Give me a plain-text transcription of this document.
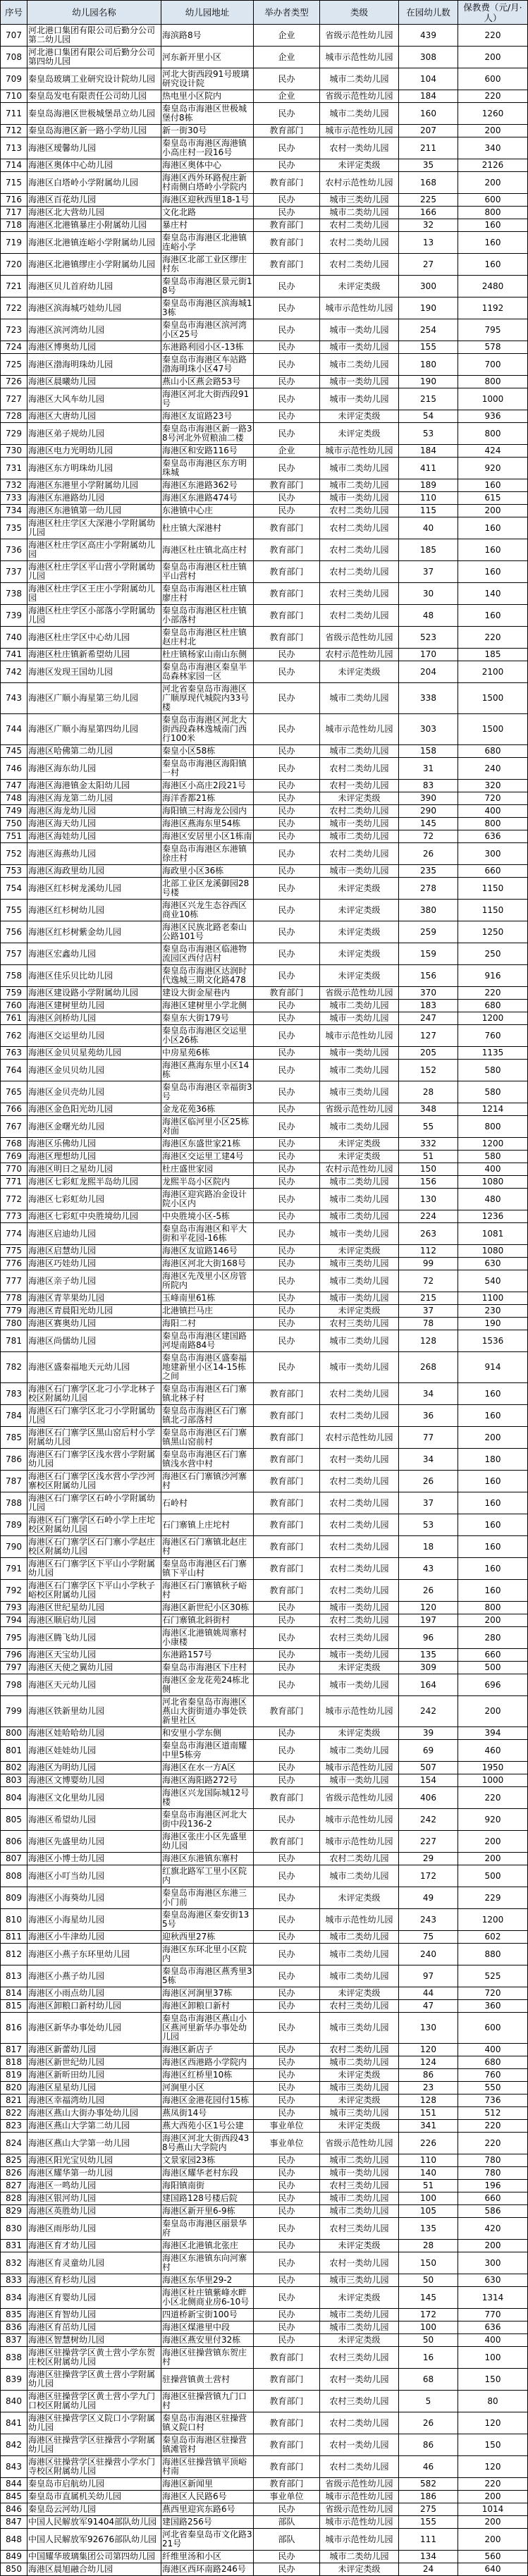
序号	幼儿园名称	幼儿园地址	举办者类型	类级	在园幼儿数	保教费（元/月·人）
707	河北港口集团有限公司后勤分公司第二幼儿园	海滨路8号	企业	省级示范性幼儿园	439	220
708	河北港口集团有限公司后勤分公司第四幼儿园	河东新开里小区	企业	城市示范性幼儿园	308	200
709	秦皇岛玻璃工业研究设计院幼儿园	河北大街西段91号玻璃研究设计院	民办	城市二类幼儿园	104	600
710	秦皇岛发电有限责任公司幼儿园	热电里小区院内	企业	省级示范性幼儿园	184	220
711	秦皇岛海港区世极城堡昂立幼儿园	秦皇岛市海港区世极城堡付8栋	民办	城市二类幼儿园	160	1260
712	秦皇岛海港区新一路小学幼儿园	新一街30号	教育部门	城市示范性幼儿园	207	200
713	海港区瑷馨幼儿园	秦皇岛市海港区海港镇小高庄村一段16号	民办	农村一类幼儿园	211	340
714	海港区奥体中心幼儿园	海港区奥体中心	民办	未评定类级	35	2126
715	海港区白塔岭小学附属幼儿园	海港区西外环路倪庄新村南侧白塔岭小学院内	教育部门	农村示范性幼儿园	168	200
716	海港区百花幼儿园	海港区迎秋西里18-1号	民办	城市三类幼儿园	225	600
717	海港区北大营幼儿园	文化北路	民办	城市二类幼儿园	166	800
718	海港区北港镇暴庄小附属幼儿园	暴庄村	教育部门	农村二类幼儿园	32	160
719	海港区北港镇连峪小学附属幼儿园	秦皇岛市海港区北港镇连峪小学	教育部门	农村二类幼儿园	13	160
720	海港区北港镇缪庄小学附属幼儿园	海港区北部工业区缪庄村东	教育部门	农村二类幼儿园	27	160
721	海港区贝儿首府幼儿园	秦皇岛市海港区景元街18号	民办	未评定类级	300	2480
722	海港区滨海城巧娃幼儿园	秦皇岛市海港区滨海城13栋	民办	城市示范性幼儿园	190	1192
723	海港区滨河湾幼儿园	秦皇岛市海港区滨河湾小区25号	民办	城市一类幼儿园	254	795
724	海港区博奥幼儿园	东港路利园小区-13栋	民办	城市一类幼儿园	155	578
725	海港区渤海明珠幼儿园	秦皇岛市海港区车站路渤海明珠小区47号	民办	城市二类幼儿园	180	700
726	海港区晨曦幼儿园	燕山小区燕会路53号	民办	城市一类幼儿园	190	800
727	海港区大风车幼儿园	海港区河北大街西段91号	民办	城市一类幼儿园	215	1000
728	海港区大唐幼儿园	海港区友谊路23号	民办	未评定类级	54	936
729	海港区弟子规幼儿园	秦皇岛市海港区新一路38号河北外贸粮油二楼	民办	未评定类级	53	800
730	海港区电力光明幼儿园	海港区和安路116号	企业	城市示范性幼儿园	184	424
731	海港区东方明珠幼儿园	秦皇岛市海港区东方明珠城	民办	城市二类幼儿园	411	920
732	海港区东港里小学附属幼儿园	海港区东港路362号	教育部门	城市二类幼儿园	189	160
733	海港区东港路幼儿园	海港区东港路474号	民办	城市一类幼儿园	110	615
734	海港区东港镇第一幼儿园	东港镇中心庄	民办	农村二类幼儿园	115	200
735	海港区杜庄学区大深港小学附属幼儿园	杜庄镇大深港村	教育部门	农村二类幼儿园	40	160
736	海港区杜庄学区高庄小学附属幼儿园	海港区杜庄镇北高庄村	教育部门	农村二类幼儿园	185	160
737	海港区杜庄学区平山营小学附属幼儿园	秦皇岛市海港区杜庄镇平山营村	教育部门	农村二类幼儿园	37	160
738	海港区杜庄学区王庄小学附属幼儿园	秦皇岛市海港区杜庄镇廖庄村	教育部门	农村三类幼儿园	30	140
739	海港区杜庄学区小部落小学附属幼儿园	秦皇岛市海港区杜庄镇小部落村	教育部门	农村二类幼儿园	48	160
740	海港区杜庄学区中心幼儿园	秦皇岛市海港区杜庄镇赵庄村北	教育部门	省级示范性幼儿园	523	220
741	海港区杜庄镇新希望幼儿园	杜庄镇杨家山南山东侧	民办	农村示范性幼儿园	170	185
742	海港区发现王国幼儿园	秦皇岛市海港区秦皇半岛森林家园一区	民办	未评定类级	204	2100
743	海港区广顺小海星第三幼儿园	河北省秦皇岛市海港区广顺厚现代城院内33号楼	民办	城市二类幼儿园	338	1500
744	海港区广顺小海星第四幼儿园	秦皇岛市海港区河北大街西段森林逸城南门西行100米	民办	城市示范性幼儿园	303	1500
745	海港区哈佛第二幼儿园	秦皇小区58栋	民办	城市二类幼儿园	158	680
746	海港区海东幼儿园	秦皇岛市海港区海阳镇一村	民办	农村二类幼儿园	31	240
747	海港区海港镇金太阳幼儿园	海港区小高庄2段21号	民办	农村一类幼儿园	83	320
748	海港区海龙第二幼儿园	海洋香都21栋	民办	未评定类级	390	720
749	海港区海龙幼儿园	海阳镇三村海龙公园内	民办	农村二类幼儿园	290	400
750	海港区海天幼儿园	海港区燕海东里54栋	民办	城市一类幼儿园	145	800
751	海港区海娃幼儿园	海港区安居里小区1栋南	民办	城市二类幼儿园	72	636
752	海港区海燕幼儿园	秦皇岛市海港区东港镇徐庄村	民办	农村二类幼儿园	26	300
753	海港区海政里幼儿园	海政里小区36栋	民办	城市一类幼儿园	235	660
754	海港区红杉树龙溪幼儿园	北部工业区龙溪御园28号楼	民办	未评定类级	278	1150
755	海港区红杉树幼儿园	海港区兴龙生态谷西区商业10栋	民办	未评定类级	380	1150
756	海港区红杉树紫金幼儿园	海港区民族北路老秦山公路101号	民办	未评定类级	259	1250
757	海港区宏鑫幼儿园	秦皇岛市海港区临港物流园区西付店村	民办	未评定类级	159	250
758	海港区佳乐贝比幼儿园	秦皇岛市海港区达润时代逸城三期文化路478	民办	未评定类级	156	916
759	海港区建设路小学附属幼儿园	建设大街金屋巷内	教育部门	省级示范性幼儿园	370	220
760	海港区建树里幼儿园	海港区建树里小学北侧	民办	城市二类幼儿园	183	680
761	海港区剑桥幼儿园	秦皇东大街179号	民办	城市一类幼儿园	247	1200
762	海港区交运里幼儿园	秦皇岛市海港区交运里小区26栋	民办	城市示范性幼儿园	127	760
763	海港区金贝贝星苑幼儿园	中房星苑6栋	民办	城市一类幼儿园	205	1135
764	海港区金贝贝幼儿园	海港区燕海东里小区14栋	民办	城市二类幼儿园	152	580
765	海港区金贝壳幼儿园	秦皇岛市海港区幸福街3号	民办	城市三类幼儿园	28	580
766	海港区金色阳光幼儿园	金龙花苑36栋	民办	省级示范性幼儿园	348	1214
767	海港区金曙光幼儿园	海港区临河里小区25栋对面	民办	城市二类幼儿园	55	800
768	海港区乐佛幼儿园	海港区东盛世家21栋	民办	未评定类级	332	1200
769	海港区理想幼儿园	海港区交运里工建4号	民办	未评定类级	51	580
770	海港区明日之星幼儿园	杜庄盛世家园	民办	农村示范性幼儿园	150	400
771	海港区七彩虹龙熙半岛幼儿园	龙熙半岛小区院内	民办	城市二类幼儿园	156	1080
772	海港区七彩虹幼儿园	海港区迎宾路冶金设计院小区内	民办	城市二类幼儿园	130	480
773	海港区七彩虹中央胜境幼儿园	中央胜境小区-5栋	民办	城市二类幼儿园	224	1236
774	海港区启迪幼儿园	秦皇岛市海港区和平大街和平花园-16栋	民办	城市一类幼儿园	263	1081
775	海港区启慧幼儿园	海港区友谊路146号	民办	未评定类级	112	1080
776	海港区巧娃幼儿园	海港区河北大街168号	民办	城市三类幼儿园	99	630
777	海港区亲子幼儿园	海港区先茂里小区房管所院内	民办	城市二类幼儿园	72	540
778	海港区青苹果幼儿园	玉峰南里61栋	民办	城市一类幼儿园	215	1100
779	海港区青晨阳光幼儿园	北港镇拦马庄	民办	未评定类级	37	230
780	海港区赛奥幼儿园	海阳二村	民办	农村三类幼儿园	78	190
781	海港区尚儒幼儿园	秦皇岛市海港区建国路河堤南路84号	民办	城市二类幼儿园	128	1536
782	海港区盛秦福地天元幼儿园	秦皇岛市海港区盛秦福地建新里小区14-15栋之间	民办	城市一类幼儿园	268	914
783	海港区石门寨学区北刁小学北林子校区附属幼儿园	秦皇岛市海港区石门寨镇北林子村	教育部门	农村二类幼儿园	34	160
784	海港区石门寨学区北刁小学附属幼儿园	秦皇岛市海港区石门寨镇北刁部落村	教育部门	农村二类幼儿园	36	160
785	海港区石门寨学区黑山窑后村小学附属幼儿园	秦皇岛市海港区石门寨镇黑山窑前村	教育部门	农村示范性幼儿园	77	200
786	海港区石门寨学区浅水营小学附属幼儿园	秦皇岛市海港区石门寨镇浅水营中村	教育部门	农村一类幼儿园	34	180
787	海港区石门寨学区浅水营小学沙河寨校区附属幼儿园	海港区石门寨镇沙河寨村	教育部门	农村二类幼儿园	26	160
788	海港区石门寨学区石岭小学附属幼儿园	石岭村	教育部门	农村二类幼儿园	37	160
789	海港区石门寨学区石岭小学上庄坨校区附属幼儿园	石门寨镇上庄坨村	教育部门	农村二类幼儿园	53	160
790	海港区石门寨学区石门寨小学赵庄校区附属幼儿园	海港区石门寨镇北赵庄村	教育部门	农村二类幼儿园	18	160
791	海港区石门寨学区下平山小学附属幼儿园	秦皇岛市海港区石门寨镇下平山村	教育部门	农村二类幼儿园	43	160
792	海港区石门寨学区下平山小学秋子峪校区附属幼儿园	海港区石门寨镇秋子峪村	教育部门	农村二类幼儿园	26	160
793	海港区世纪星幼儿园	海港区新世纪小区30栋	民办	城市一类幼儿园	120	800
794	海港区顺启幼儿园	石门寨镇北斜街村	民办	农村二类幼儿园	197	200
795	海港区腾飞幼儿园	海港区北港镇姚周寨村小康楼	民办	农村三类幼儿园	96	280
796	海港区天宝幼儿园	东港路157号	民办	城市一类幼儿园	135	660
797	海港区天使之翼幼儿园	秦皇岛市海港区下庄村	民办	未评定类级	309	500
798	海港区天元幼儿园	海港区金龙花苑24栋北侧	民办	城市一类幼儿园	164	696
799	海港区铁新里幼儿园	河北省秦皇岛市海港区燕山大街街道办事处铁新里社区	教育部门	城市示范性幼儿园	242	200
800	海港区娃哈哈幼儿园	和安里小学东侧	民办	未评定类级	39	394
801	海港区娃娃幼儿园	秦皇岛市海港区道南耀中里5栋旁	民办	城市二类幼儿园	69	460
802	海港区为明幼儿园	海港区在水一方A区	民办	城市示范性幼儿园	507	1950
803	海港区文博婴幼儿园	海港区海阳路272号	民办	城市一类幼儿园	154	1000
804	海港区文化里幼儿园	海港区兴龙国际城12号楼	教育部门	省级示范性幼儿园	406	220
805	海港区希望幼儿园	秦皇岛市海港区河北大街中段136-2	民办	城市示范性幼儿园	242	920
806	海港区先盛里幼儿园	海港区张庄小区先盛里幼儿园	教育部门	城市示范性幼儿园	227	200
807	海港区小博士幼儿园	海港区东港镇东寨村	民办	农村二类幼儿园	29	200
808	海港区小叮当幼儿园	红旗北路军工里小区院内	民办	城市二类幼儿园	172	500
809	海港区小海葵幼儿园	秦皇岛市海港区东港三小门前	民办	未评定类级	49	229
810	海港区小海星幼儿园	秦皇岛海港区秦安街135号	民办	城市示范性幼儿园	243	1200
811	海港区小牛津幼儿园	迎秋西里27栋	民办	城市二类幼儿园	75	602
812	海港区小燕子东环里幼儿园	海港区东环北里小区院内	民办	城市二类幼儿园	240	880
813	海港区小燕子幼儿园	秦皇岛市海港区燕秀里35栋	民办	城市二类幼儿园	97	525
814	海港区小雨点幼儿园	海港区河涧里37栋	民办	未评定类级	44	720
815	海港区卸粮口新村幼儿园	海港区卸粮口新村	民办	农村三类幼儿园	47	360
816	海港区新华办事处幼儿园	秦皇岛市海港区燕山小区燕河里新华办事处幼儿园	民办	城市三类幼儿园	130	600
817	海港区新蕾幼儿园	海港区新店子	民办	农村二类幼儿园	120	400
818	海港区新世纪幼儿园	海港区西港路小学院内	民办	城市二类幼儿园	124	680
819	海港区新昕田幼儿园	海港区红桥里10栋	民办	未评定类级	86	760
820	海港区星星幼儿园	河涧里小区	民办	城市三类幼儿园	23	550
821	海港区幸福湾幼儿园	海港区金港花园付15栋	民办	未评定类级	128	736
822	海港区燕山大街办事处幼儿园	燕凤街14号	民办	城市三类幼儿园	151	512
823	海港区燕山大学第二幼儿园	燕大西苑小区1号公建	事业单位	未评定类级	341	220
824	海港区燕山大学第一幼儿园	海港区河北大街西段438号燕山大学院内	事业单位	省级示范性幼儿园	226	220
825	海港区阳光宝贝幼儿园	文景家园23栋	民办	城市二类幼儿园	110	780
826	海港区耀华第一幼儿园	海港区耀华老村东段	民办	城市一类幼儿园	140	780
827	海港区一鸣幼儿园	海阳镇南街	民办	农村三类幼儿园	51	196
828	海港区银河幼儿园	建国路128号楼后院	民办	城市二类幼儿园	100	660
829	海港区英胜幼儿园	海港区新开里6-9栋	民办	城市二类幼儿园	105	586
830	海港区雨彤幼儿园	秦皇岛市海港区丽景华府	民办	农村三类幼儿园	135	420
831	海港区育才幼儿园	海港区北港镇北张庄	民办	未评定类级	28	200
832	海港区育灵童幼儿园	海港区东港镇东向河寨村	民办	农村一类幼儿园	150	300
833	海港区育杉幼儿园	海港区东华里29-2	民办	城市三类幼儿园	50	630
834	海港区育婴幼儿园	海港区杜庄镇紫峰水畔小区北侧商业房6-10号	民办	未评定类级	145	1314
835	海港区育智幼儿园	四道桥新宝街100号	民办	城市二类幼儿园	172	770
836	海港区育茁幼儿园	海港区煤港里中段	民办	城市二类幼儿园	100	636
837	海港区智慧树幼儿园	海港区燕安里付32栋	民办	未评定类级	50	400
838	海港区驻操营学区黄土营小学东贺庄校区附属幼儿园	海港区驻操营镇东贺庄村	教育部门	农村三类幼儿园	16	100
839	海港区驻操营学区黄土营小学附属幼儿园	驻操营镇黄土营村	教育部门	农村一类幼儿园	68	150
840	海港区驻操营学区黄土营小学九门口校区附属幼儿园	海港区驻操营镇九门口村	教育部门	农村三类幼儿园	5	80
841	海港区驻操营学区义院口小学附属幼儿园	秦皇岛市海港区驻操营镇义院口村	教育部门	农村二类幼儿园	26	120
842	海港区驻操营学区驻操营小学附属幼儿园	秦皇岛市海港区驻操营镇滩管村	教育部门	农村一类幼儿园	86	150
843	海港区驻操营学区驻操营小学水门寺校区附属幼儿园	海港区驻操营镇平顶峪村南	教育部门	农村二类幼儿园	46	120
844	秦皇岛市启航幼儿园	海港区新闻里	教育部门	省级示范性幼儿园	582	220
845	秦皇岛市直属机关幼儿园	海港区人民路6号	事业单位	城市示范性幼儿园	186	200
846	秦皇岛云河幼儿园	燕西里迎宾东路6号	民办	省级示范性幼儿园	275	1014
847	中国人民解放军91404部队幼儿园	建国路256号	部队	城市示范性幼儿园	155	200
848	中国人民解放军92676部队幼儿园	河北省秦皇岛市文化路321号	部队	城市示范性幼儿园	111	200
849	中国耀华玻璃集团公司第四幼儿园	纤维里汤和小区	民办	城市二类幼儿园	134	560
850	海港区晨旭融合幼儿园	海港区西环南路246号	民办	未评定类级	24	640
